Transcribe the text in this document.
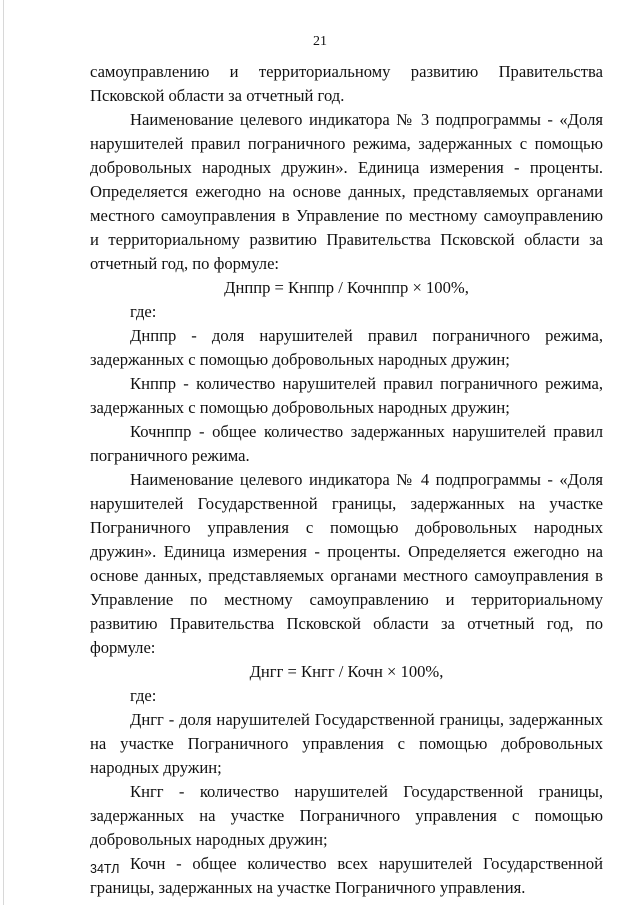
21

самоуправлению и территориальному развитию Правительства Псковской области за отчетный год.

Наименование целевого индикатора № 3 подпрограммы - «Доля нарушителей правил пограничного режима, задержанных с помощью добровольных народных дружин». Единица измерения - проценты. Определяется ежегодно на основе данных, представляемых органами местного самоуправления в Управление по местному самоуправлению и территориальному развитию Правительства Псковской области за отчетный год, по формуле:

Днппр = Кнппр / Кочнппр × 100%,

где:

Днппр - доля нарушителей правил пограничного режима, задержанных с помощью добровольных народных дружин;

Кнппр - количество нарушителей правил пограничного режима, задержанных с помощью добровольных народных дружин;

Кочнппр - общее количество задержанных нарушителей правил пограничного режима.

Наименование целевого индикатора № 4 подпрограммы - «Доля нарушителей Государственной границы, задержанных на участке Пограничного управления с помощью добровольных народных дружин». Единица измерения - проценты. Определяется ежегодно на основе данных, представляемых органами местного самоуправления в Управление по местному самоуправлению и территориальному развитию Правительства Псковской области за отчетный год, по формуле:

Днгг = Кнгг / Кочн × 100%,

где:

Днгг - доля нарушителей Государственной границы, задержанных на участке Пограничного управления с помощью добровольных народных дружин;

Кнгг - количество нарушителей Государственной границы, задержанных на участке Пограничного управления с помощью добровольных народных дружин;

Кочн - общее количество всех нарушителей Государственной границы, задержанных на участке Пограничного управления.

34ТЛ
